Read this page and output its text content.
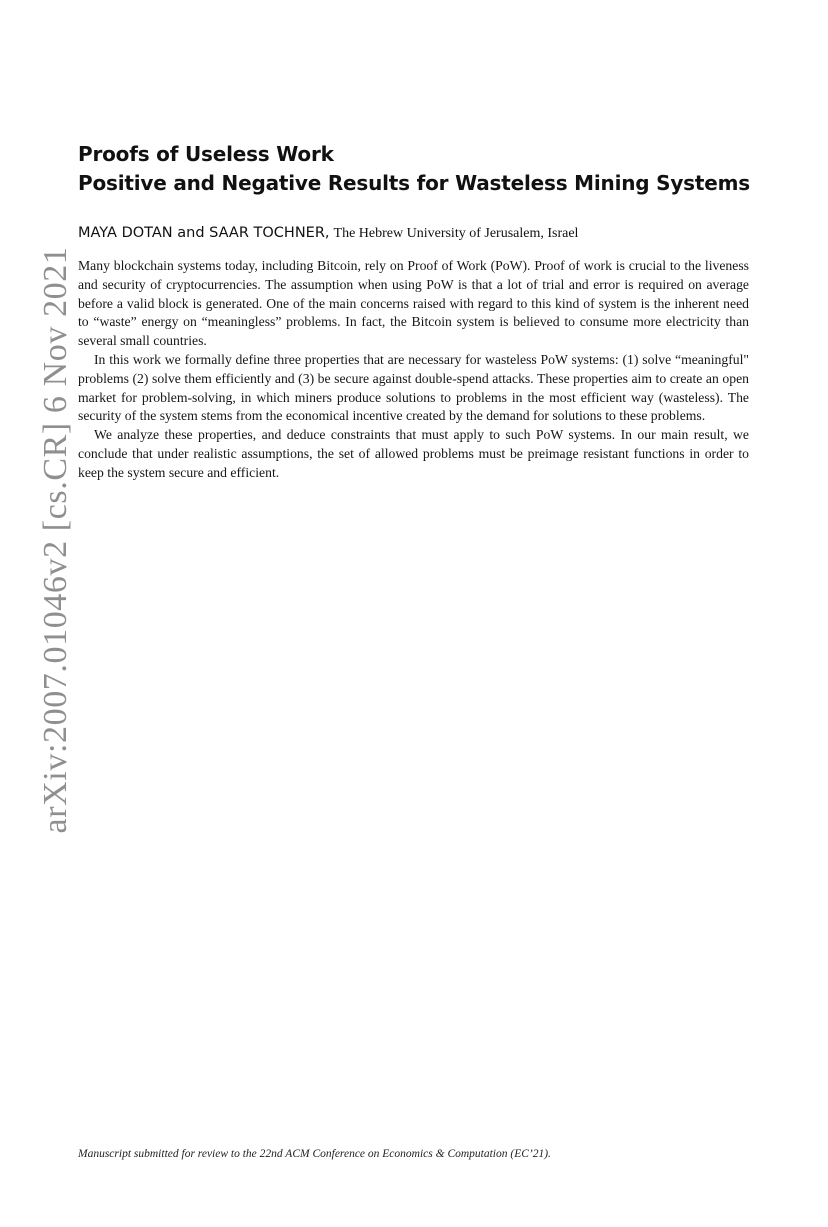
arXiv:2007.01046v2 [cs.CR] 6 Nov 2021
Proofs of Useless Work
Positive and Negative Results for Wasteless Mining Systems
MAYA DOTAN and SAAR TOCHNER, The Hebrew University of Jerusalem, Israel

Many blockchain systems today, including Bitcoin, rely on Proof of Work (PoW). Proof of work is crucial to the liveness and security of cryptocurrencies. The assumption when using PoW is that a lot of trial and error is required on average before a valid block is generated. One of the main concerns raised with regard to this kind of system is the inherent need to “waste” energy on “meaningless” problems. In fact, the Bitcoin system is believed to consume more electricity than several small countries.

In this work we formally define three properties that are necessary for wasteless PoW systems: (1) solve “meaningful" problems (2) solve them efficiently and (3) be secure against double-spend attacks. These properties aim to create an open market for problem-solving, in which miners produce solutions to problems in the most efficient way (wasteless). The security of the system stems from the economical incentive created by the demand for solutions to these problems.

We analyze these properties, and deduce constraints that must apply to such PoW systems. In our main result, we conclude that under realistic assumptions, the set of allowed problems must be preimage resistant functions in order to keep the system secure and efficient.

Manuscript submitted for review to the 22nd ACM Conference on Economics & Computation (EC’21).
